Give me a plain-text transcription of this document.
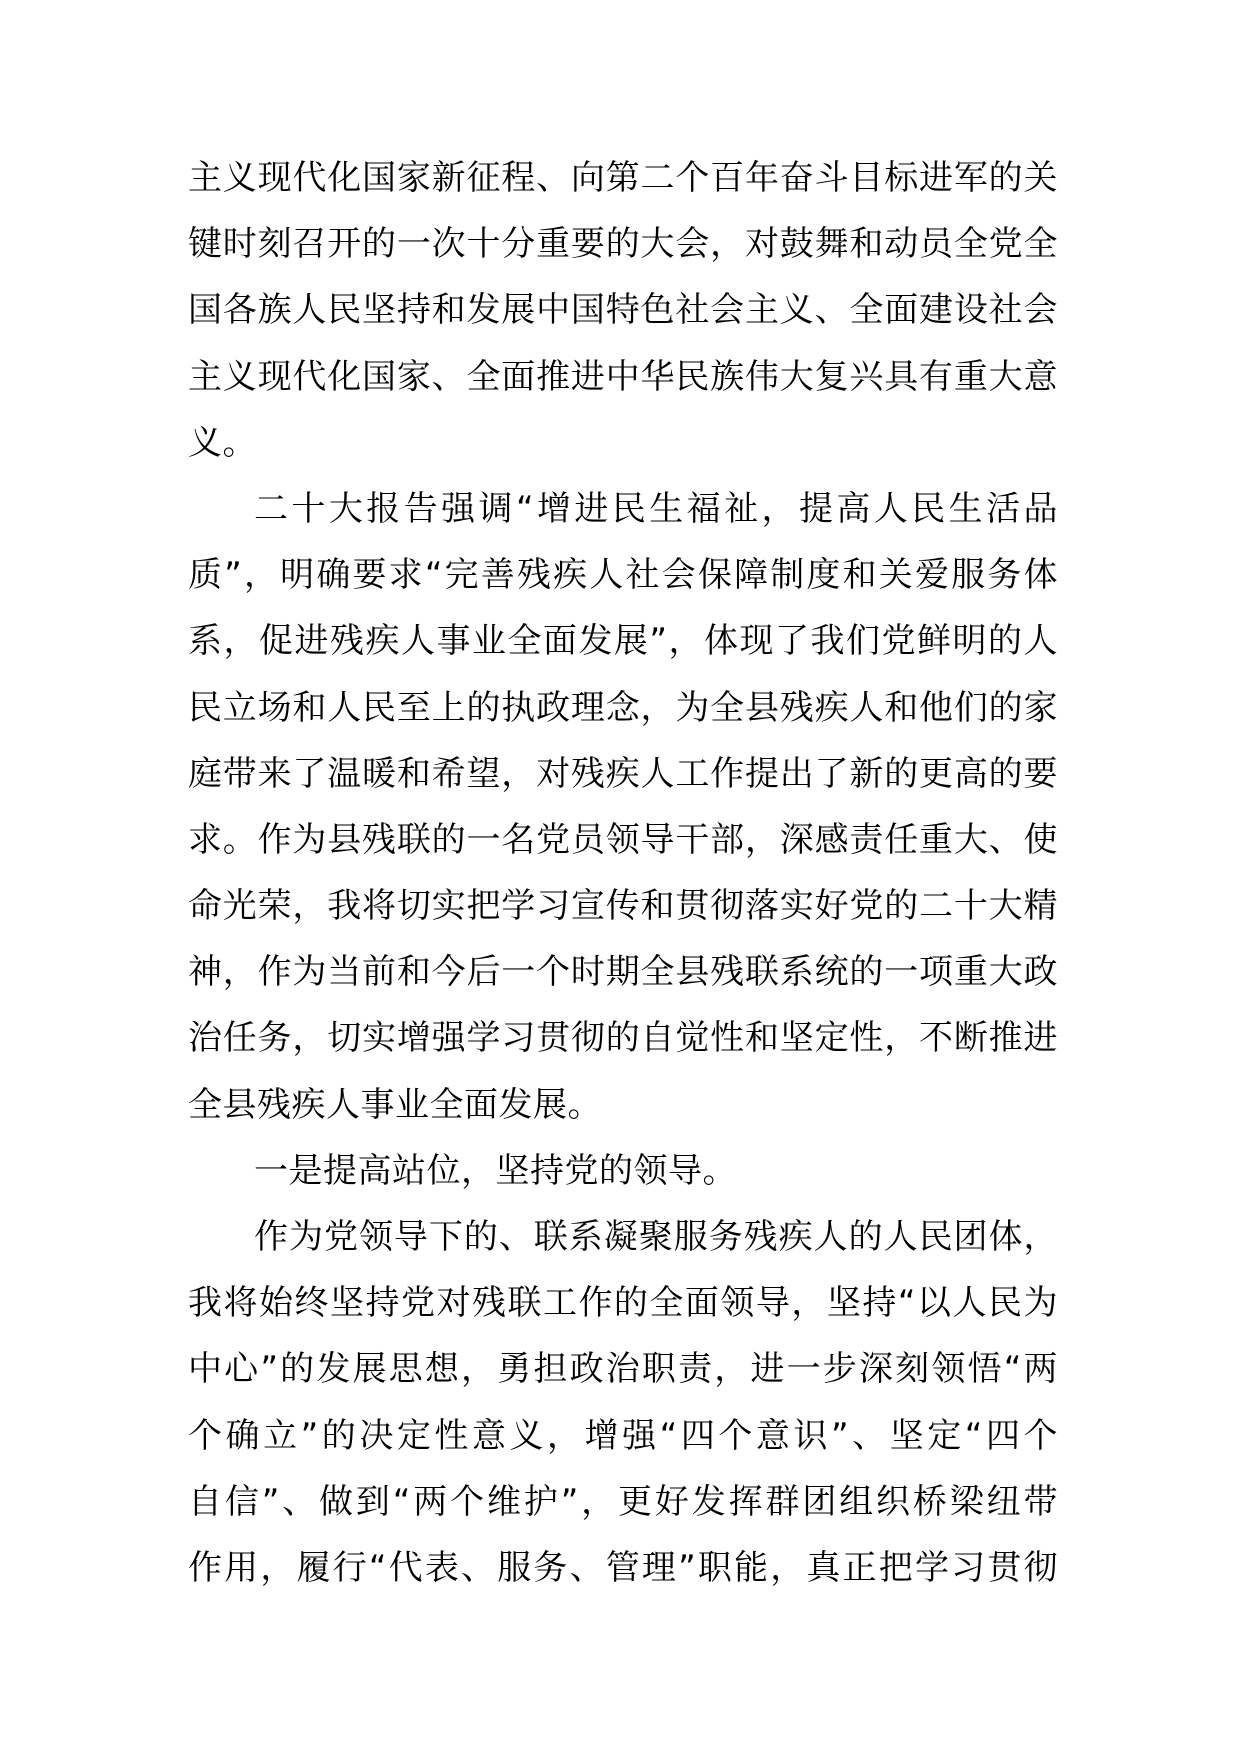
主义现代化国家新征程、向第二个百年奋斗目标进军的关
键时刻召开的一次十分重要的大会，对鼓舞和动员全党全
国各族人民坚持和发展中国特色社会主义、全面建设社会
主义现代化国家、全面推进中华民族伟大复兴具有重大意
义。
二十大报告强调“增进民生福祉，提高人民生活品
质”，明确要求“完善残疾人社会保障制度和关爱服务体
系，促进残疾人事业全面发展”，体现了我们党鲜明的人
民立场和人民至上的执政理念，为全县残疾人和他们的家
庭带来了温暖和希望，对残疾人工作提出了新的更高的要
求。作为县残联的一名党员领导干部，深感责任重大、使
命光荣，我将切实把学习宣传和贯彻落实好党的二十大精
神，作为当前和今后一个时期全县残联系统的一项重大政
治任务，切实增强学习贯彻的自觉性和坚定性，不断推进
全县残疾人事业全面发展。
一是提高站位，坚持党的领导。
作为党领导下的、联系凝聚服务残疾人的人民团体，
我将始终坚持党对残联工作的全面领导，坚持“以人民为
中心”的发展思想，勇担政治职责，进一步深刻领悟“两
个确立”的决定性意义，增强“四个意识”、坚定“四个
自信”、做到“两个维护”，更好发挥群团组织桥梁纽带
作用，履行“代表、服务、管理”职能，真正把学习贯彻
